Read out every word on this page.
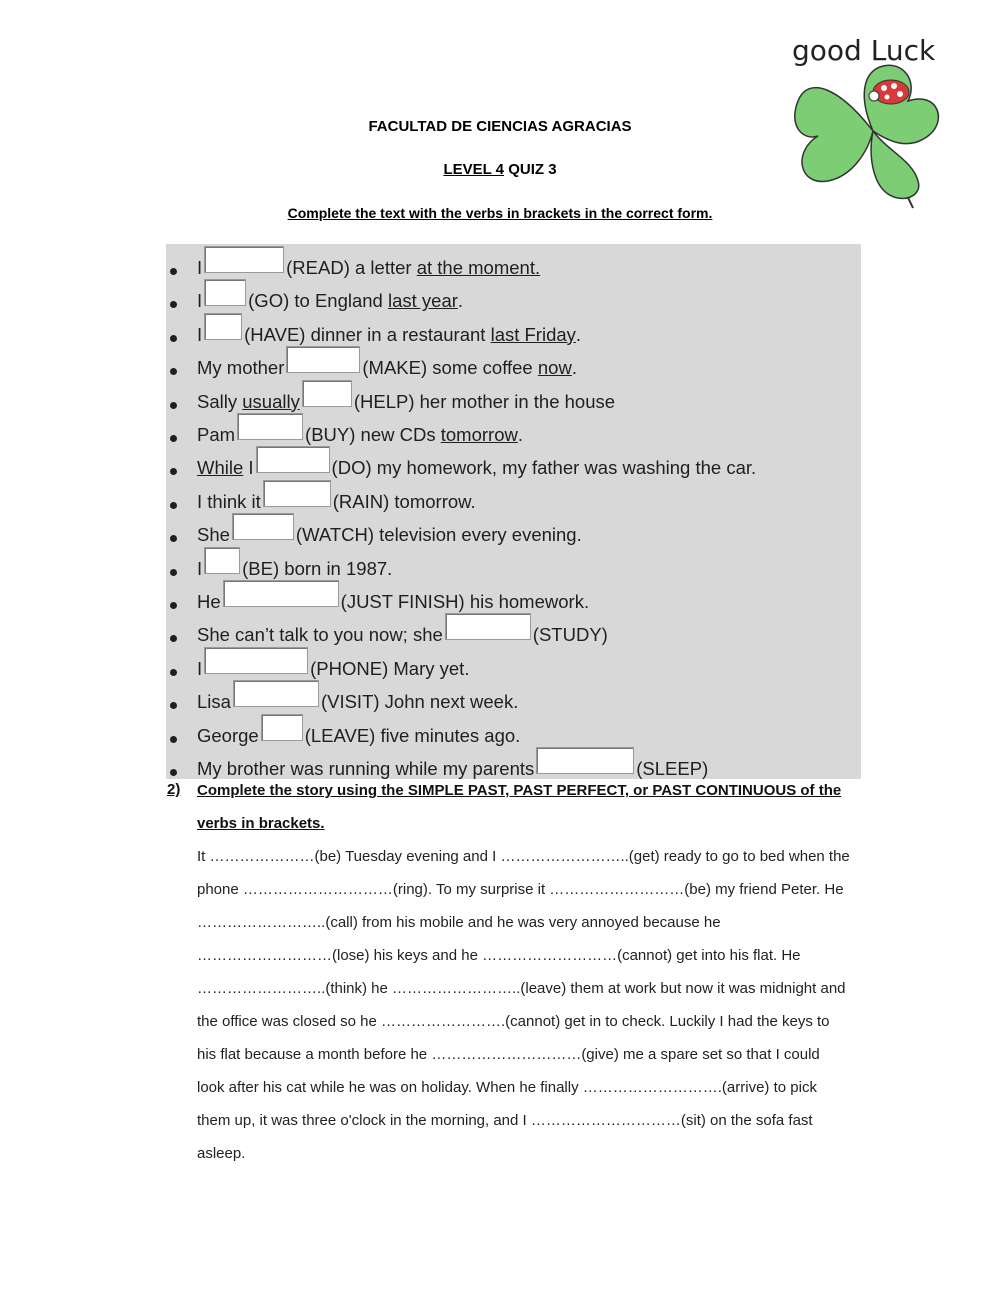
FACULTAD DE CIENCIAS AGRACIAS
LEVEL 4 QUIZ 3
Complete the text with the verbs in brackets in the correct form.
good Luck
I	(READ) a letter at the moment.
I (GO) to England last year .
I (HAVE) dinner in a restaurant last Friday .
My mother	(MAKE) some coffee now .
Sally usually	(HELP) her mother in the house
Pam	(BUY) new CDs tomorrow .
While I	(DO) my homework, my father was washing the car.
I think it	(RAIN) tomorrow.
She	(WATCH) television every evening.
I (BE) born in 1987.
He	(JUST FINISH) his homework.
She can’t talk to you now; she	(STUDY)
I	(PHONE) Mary yet.
Lisa	(VISIT) John next week.
George (LEAVE) five minutes ago.
My brother was running while my parents	(SLEEP)
2) Complete the story using the SIMPLE PAST, PAST PERFECT, or PAST CONTINUOUS of the verbs in brackets.
It …………………(be) Tuesday evening and I ……………………..(get) ready to go to bed when the
phone …………………………(ring). To my surprise it ………………………(be) my friend Peter. He
……………………..(call) from his mobile and he was very annoyed because he
………………………(lose) his keys and he ………………………(cannot) get into his flat. He
……………………..(think) he ……………………..(leave) them at work but now it was midnight and
the office was closed so he …………………….(cannot) get in to check. Luckily I had the keys to
his flat because a month before he …………………………(give) me a spare set so that I could
look after his cat while he was on holiday. When he finally ……………………….(arrive) to pick
them up, it was three o'clock in the morning, and I …………………………(sit) on the sofa fast
asleep.
